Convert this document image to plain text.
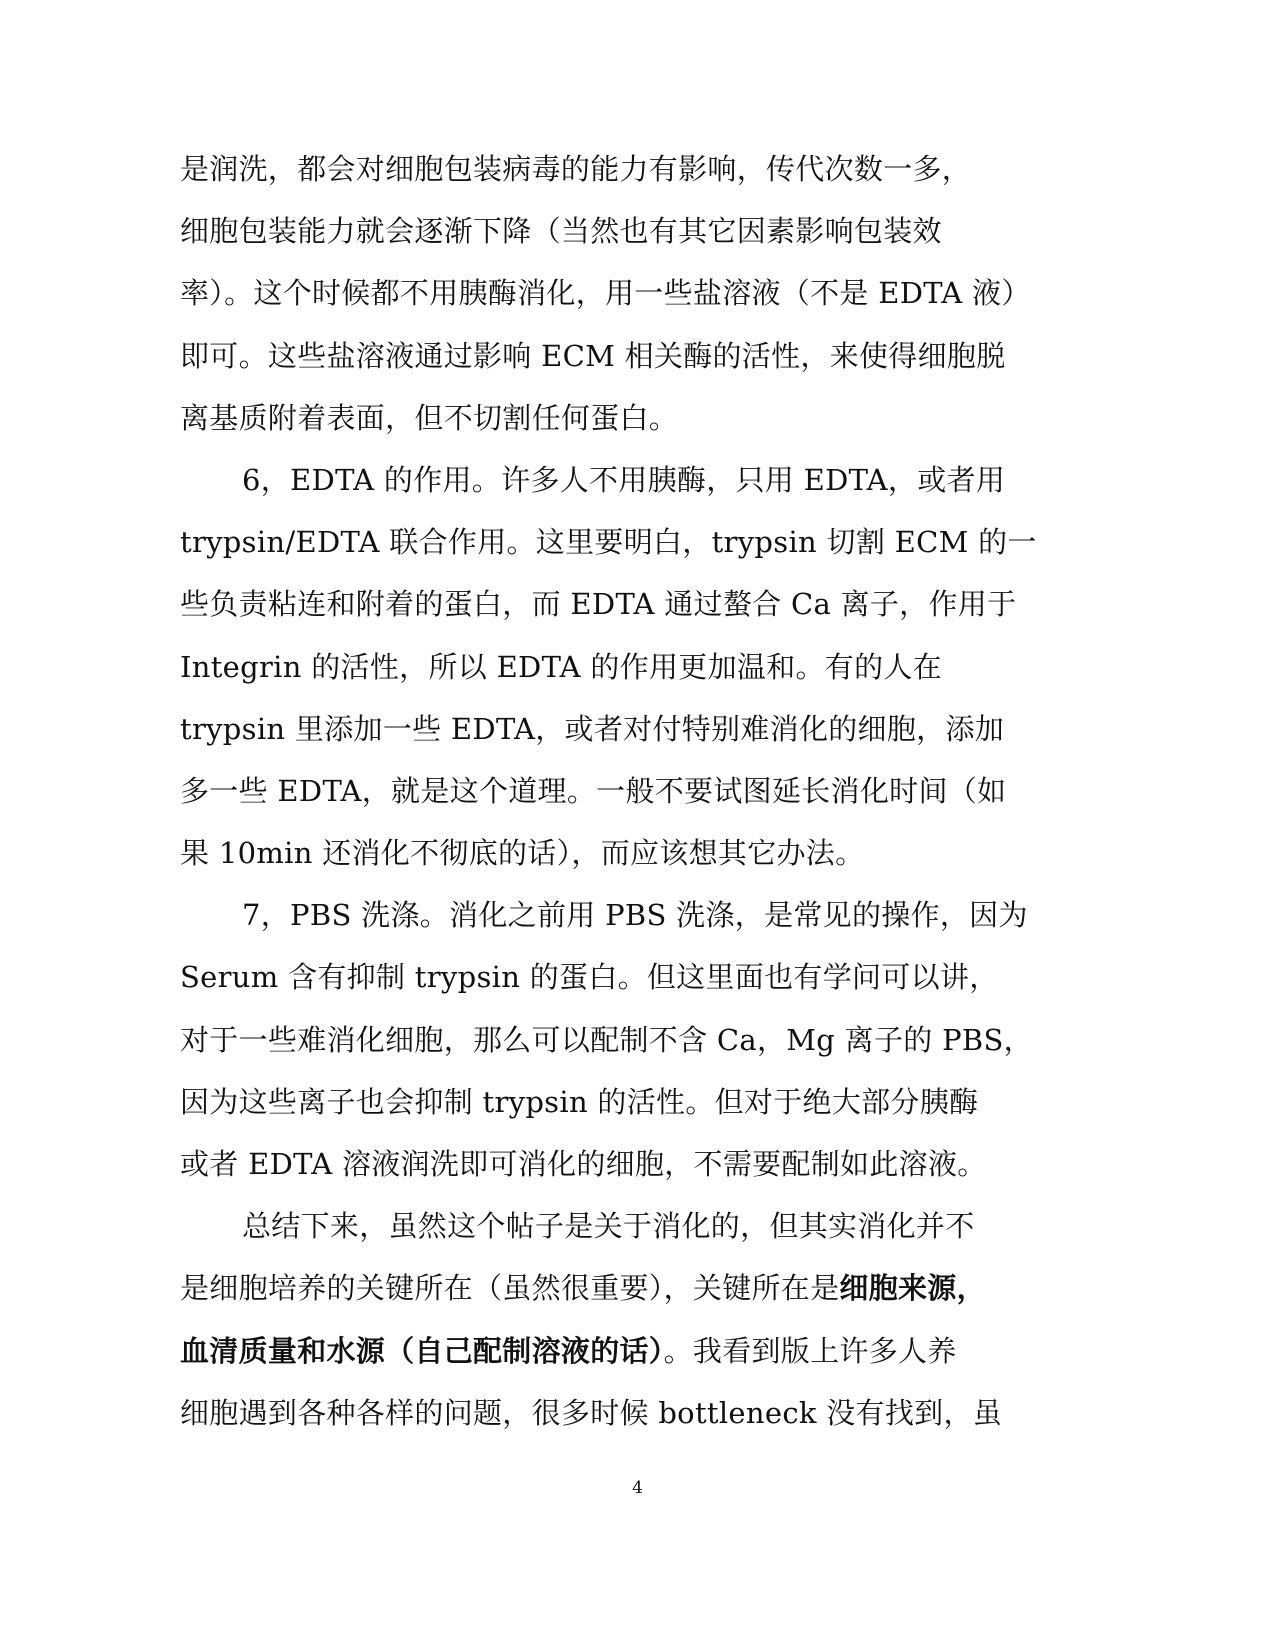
是润洗，都会对细胞包装病毒的能力有影响，传代次数一多，
细胞包装能力就会逐渐下降（当然也有其它因素影响包装效
率）。这个时候都不用胰酶消化，用一些盐溶液（不是 EDTA 液）
即可。这些盐溶液通过影响 ECM 相关酶的活性，来使得细胞脱
离基质附着表面，但不切割任何蛋白。
6，EDTA 的作用。许多人不用胰酶，只用 EDTA，或者用
trypsin/EDTA 联合作用。这里要明白，trypsin 切割 ECM 的一
些负责粘连和附着的蛋白，而 EDTA 通过螯合 Ca 离子，作用于
Integrin 的活性，所以 EDTA 的作用更加温和。有的人在
trypsin 里添加一些 EDTA，或者对付特别难消化的细胞，添加
多一些 EDTA，就是这个道理。一般不要试图延长消化时间（如
果 10min 还消化不彻底的话），而应该想其它办法。
7，PBS 洗涤。消化之前用 PBS 洗涤，是常见的操作，因为
Serum 含有抑制 trypsin 的蛋白。但这里面也有学问可以讲，
对于一些难消化细胞，那么可以配制不含 Ca，Mg 离子的 PBS，
因为这些离子也会抑制 trypsin 的活性。但对于绝大部分胰酶
或者 EDTA 溶液润洗即可消化的细胞，不需要配制如此溶液。
总结下来，虽然这个帖子是关于消化的，但其实消化并不
是细胞培养的关键所在（虽然很重要），关键所在是细胞来源，
血清质量和水源（自己配制溶液的话）。我看到版上许多人养
细胞遇到各种各样的问题，很多时候 bottleneck 没有找到，虽
4
